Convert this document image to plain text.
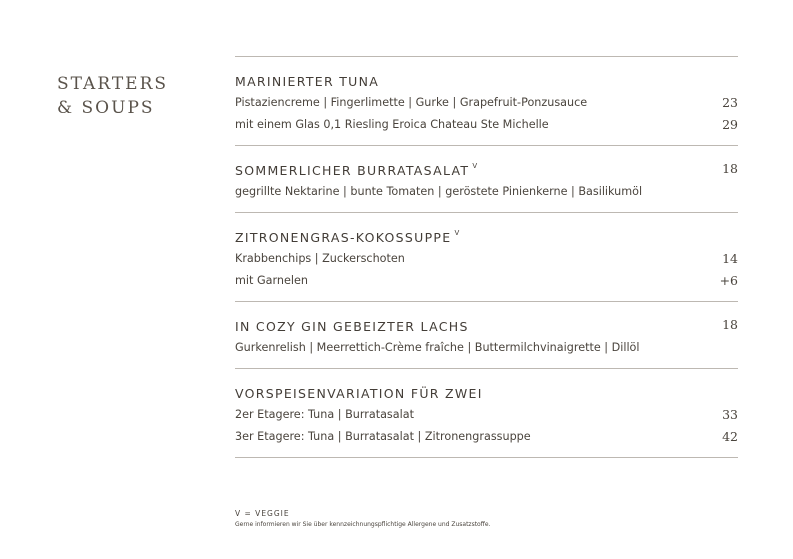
STARTERS
& SOUPS
MARINIERTER TUNA
Pistaziencreme | Fingerlimette | Gurke | Grapefruit-Ponzusauce	23
mit einem Glas 0,1 Riesling Eroica Chateau Ste Michelle	29
SOMMERLICHER BURRATASALAT $^V$	18
gegrillte Nektarine | bunte Tomaten | geröstete Pinienkerne | Basilikumöl
ZITRONENGRAS-KOKOSSUPPE $^V$
Krabbenchips | Zuckerschoten	14
mit Garnelen	+6
IN COZY GIN GEBEIZTER LACHS	18
Gurkenrelish | Meerrettich-Crème fraîche | Buttermilchvinaigrette | Dillöl
VORSPEISENVARIATION FÜR ZWEI
2er Etagere: Tuna | Burratasalat	33
3er Etagere: Tuna | Burratasalat | Zitronengrassuppe	42

V = VEGGIE

Gerne informieren wir Sie über kennzeichnungspflichtige Allergene und Zusatzstoffe.
